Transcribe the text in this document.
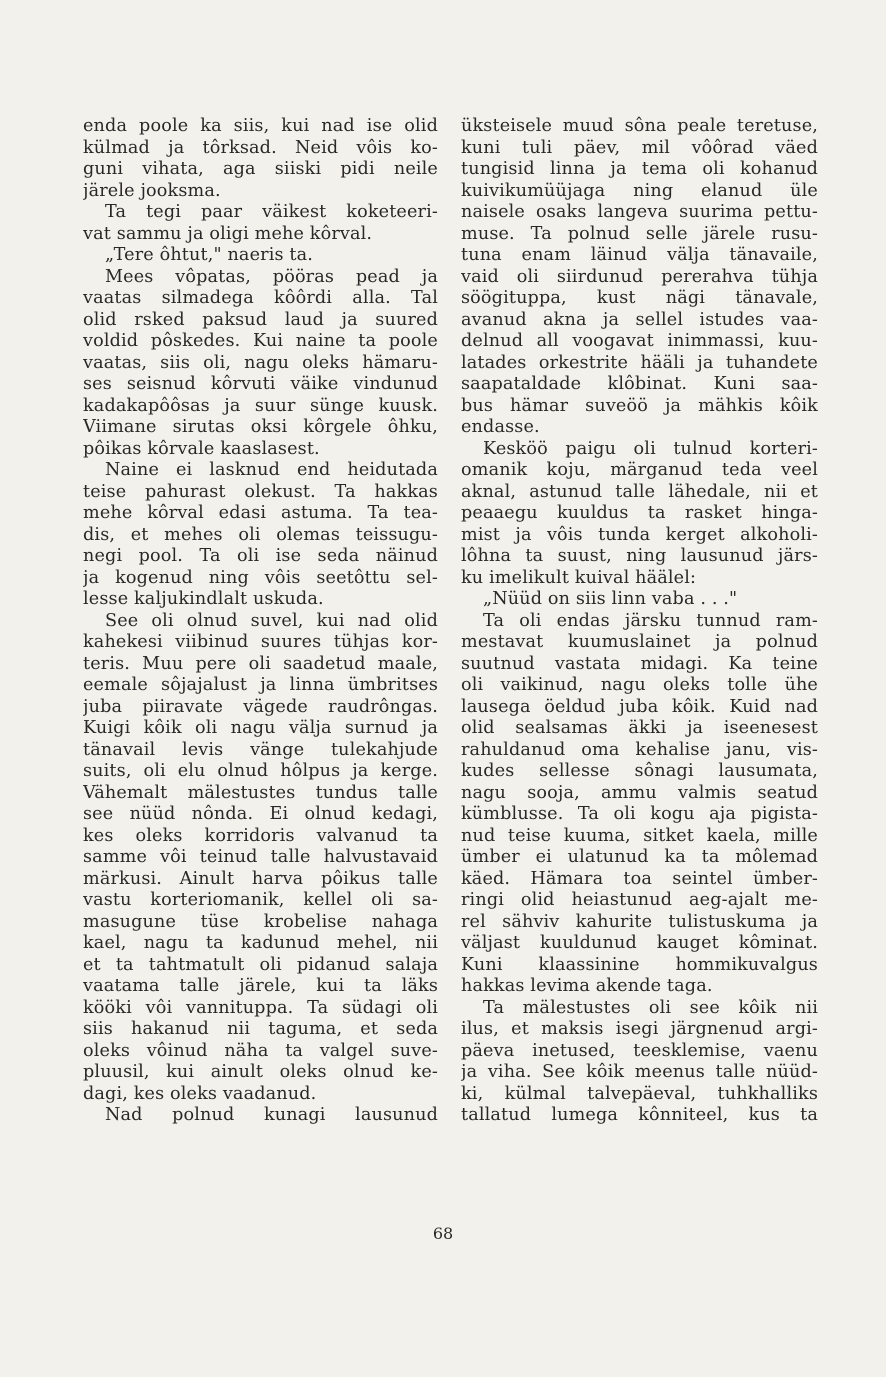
enda poole ka siis, kui nad ise olid
külmad ja tôrksad. Neid vôis ko-
guni vihata, aga siiski pidi neile
järele jooksma.
Ta tegi paar väikest koketeeri-
vat sammu ja oligi mehe kôrval.
„Tere ôhtut," naeris ta.
Mees vôpatas, pööras pead ja
vaatas silmadega kôôrdi alla. Tal
olid rsked paksud laud ja suured
voldid pôskedes. Kui naine ta poole
vaatas, siis oli, nagu oleks hämaru-
ses seisnud kôrvuti väike vindunud
kadakapôôsas ja suur sünge kuusk.
Viimane sirutas oksi kôrgele ôhku,
pôikas kôrvale kaaslasest.
Naine ei lasknud end heidutada
teise pahurast olekust. Ta hakkas
mehe kôrval edasi astuma. Ta tea-
dis, et mehes oli olemas teissugu-
negi pool. Ta oli ise seda näinud
ja kogenud ning vôis seetôttu sel-
lesse kaljukindlalt uskuda.
See oli olnud suvel, kui nad olid
kahekesi viibinud suures tühjas kor-
teris. Muu pere oli saadetud maale,
eemale sôjajalust ja linna ümbritses
juba piiravate vägede raudrôngas.
Kuigi kôik oli nagu välja surnud ja
tänavail levis vänge tulekahjude
suits, oli elu olnud hôlpus ja kerge.
Vähemalt mälestustes tundus talle
see nüüd nônda. Ei olnud kedagi,
kes oleks korridoris valvanud ta
samme vôi teinud talle halvustavaid
märkusi. Ainult harva pôikus talle
vastu korteriomanik, kellel oli sa-
masugune tüse krobelise nahaga
kael, nagu ta kadunud mehel, nii
et ta tahtmatult oli pidanud salaja
vaatama talle järele, kui ta läks
kööki vôi vannituppa. Ta südagi oli
siis hakanud nii taguma, et seda
oleks vôinud näha ta valgel suve-
pluusil, kui ainult oleks olnud ke-
dagi, kes oleks vaadanud.
Nad polnud kunagi lausunud
üksteisele muud sôna peale teretuse,
kuni tuli päev, mil vôôrad väed
tungisid linna ja tema oli kohanud
kuivikumüüjaga ning elanud üle
naisele osaks langeva suurima pettu-
muse. Ta polnud selle järele rusu-
tuna enam läinud välja tänavaile,
vaid oli siirdunud pererahva tühja
söögituppa, kust nägi tänavale,
avanud akna ja sellel istudes vaa-
delnud all voogavat inimmassi, kuu-
latades orkestrite hääli ja tuhandete
saapataldade klôbinat. Kuni saa-
bus hämar suveöö ja mähkis kôik
endasse.
Kesköö paigu oli tulnud korteri-
omanik koju, märganud teda veel
aknal, astunud talle lähedale, nii et
peaaegu kuuldus ta rasket hinga-
mist ja vôis tunda kerget alkoholi-
lôhna ta suust, ning lausunud järs-
ku imelikult kuival häälel:
„Nüüd on siis linn vaba . . ."
Ta oli endas järsku tunnud ram-
mestavat kuumuslainet ja polnud
suutnud vastata midagi. Ka teine
oli vaikinud, nagu oleks tolle ühe
lausega öeldud juba kôik. Kuid nad
olid sealsamas äkki ja iseenesest
rahuldanud oma kehalise janu, vis-
kudes sellesse sônagi lausumata,
nagu sooja, ammu valmis seatud
kümblusse. Ta oli kogu aja pigista-
nud teise kuuma, sitket kaela, mille
ümber ei ulatunud ka ta môlemad
käed. Hämara toa seintel ümber-
ringi olid heiastunud aeg-ajalt me-
rel sähviv kahurite tulistuskuma ja
väljast kuuldunud kauget kôminat.
Kuni klaassinine hommikuvalgus
hakkas levima akende taga.
Ta mälestustes oli see kôik nii
ilus, et maksis isegi järgnenud argi-
päeva inetused, teesklemise, vaenu
ja viha. See kôik meenus talle nüüd-
ki, külmal talvepäeval, tuhkhalliks
tallatud lumega kônniteel, kus ta
68
